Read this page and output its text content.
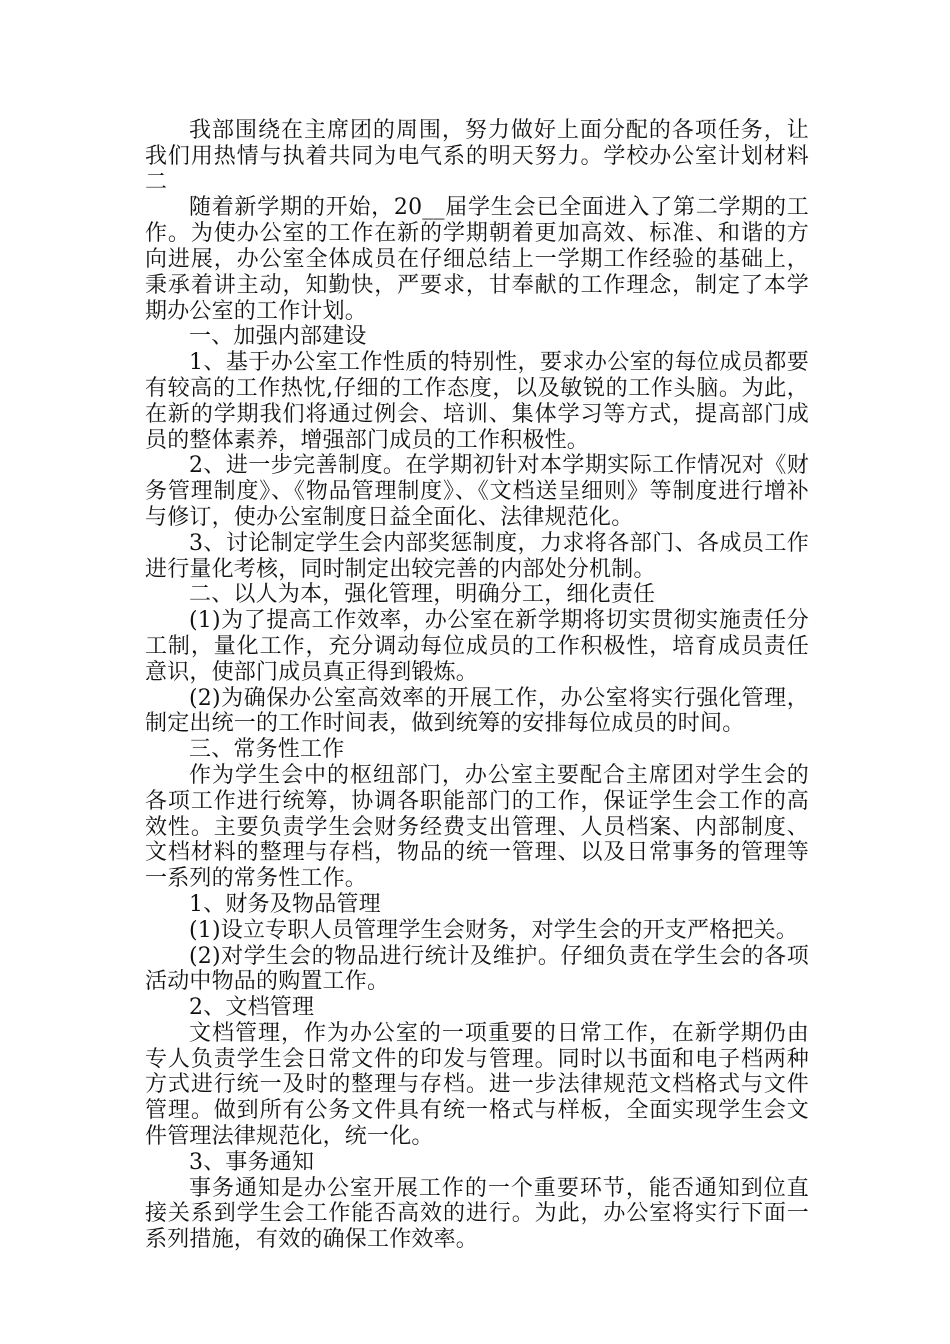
我部围绕在主席团的周围，努力做好上面分配的各项任务，让我们用热情与执着共同为电气系的明天努力。学校办公室计划材料二

随着新学期的开始，20__届学生会已全面进入了第二学期的工作。为使办公室的工作在新的学期朝着更加高效、标准、和谐的方向进展，办公室全体成员在仔细总结上一学期工作经验的基础上，秉承着讲主动，知勤快，严要求，甘奉献的工作理念，制定了本学期办公室的工作计划。

一、加强内部建设

1、基于办公室工作性质的特别性，要求办公室的每位成员都要有较高的工作热忱,仔细的工作态度，以及敏锐的工作头脑。为此，在新的学期我们将通过例会、培训、集体学习等方式，提高部门成员的整体素养，增强部门成员的工作积极性。

2、进一步完善制度。在学期初针对本学期实际工作情况对《财务管理制度》、《物品管理制度》、《文档送呈细则》等制度进行增补与修订，使办公室制度日益全面化、法律规范化。

3、讨论制定学生会内部奖惩制度，力求将各部门、各成员工作进行量化考核，同时制定出较完善的内部处分机制。

二、以人为本，强化管理，明确分工，细化责任

(1)为了提高工作效率，办公室在新学期将切实贯彻实施责任分工制，量化工作，充分调动每位成员的工作积极性，培育成员责任意识，使部门成员真正得到锻炼。

(2)为确保办公室高效率的开展工作，办公室将实行强化管理，制定出统一的工作时间表，做到统筹的安排每位成员的时间。

三、常务性工作

作为学生会中的枢纽部门，办公室主要配合主席团对学生会的各项工作进行统筹，协调各职能部门的工作，保证学生会工作的高效性。主要负责学生会财务经费支出管理、人员档案、内部制度、文档材料的整理与存档，物品的统一管理、以及日常事务的管理等一系列的常务性工作。

1、财务及物品管理

(1)设立专职人员管理学生会财务，对学生会的开支严格把关。

(2)对学生会的物品进行统计及维护。仔细负责在学生会的各项活动中物品的购置工作。

2、文档管理

文档管理，作为办公室的一项重要的日常工作，在新学期仍由专人负责学生会日常文件的印发与管理。同时以书面和电子档两种方式进行统一及时的整理与存档。进一步法律规范文档格式与文件管理。做到所有公务文件具有统一格式与样板，全面实现学生会文件管理法律规范化，统一化。

3、事务通知

事务通知是办公室开展工作的一个重要环节，能否通知到位直接关系到学生会工作能否高效的进行。为此，办公室将实行下面一系列措施，有效的确保工作效率。
